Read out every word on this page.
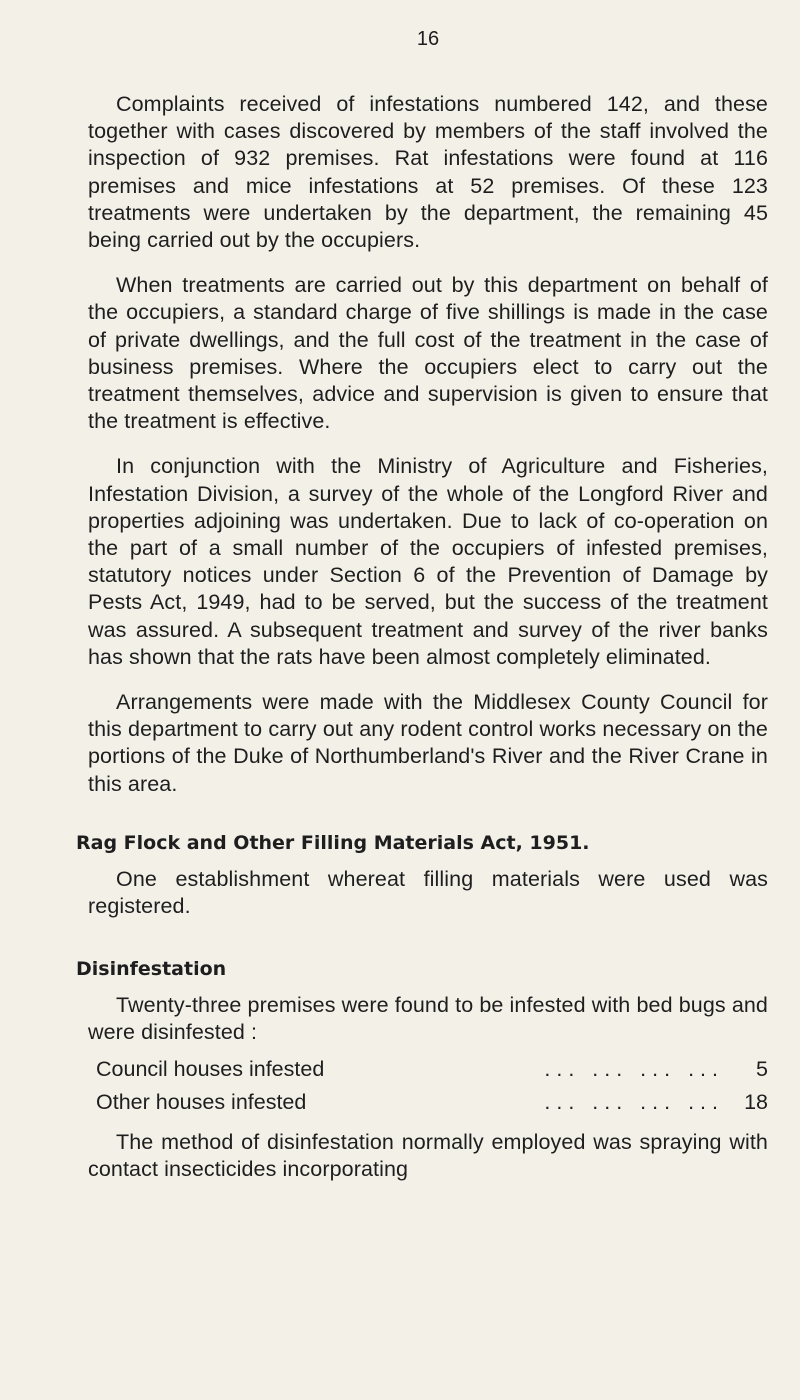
16

Complaints received of infestations numbered 142, and these together with cases discovered by members of the staff involved the inspection of 932 premises. Rat infestations were found at 116 premises and mice infestations at 52 premises. Of these 123 treatments were undertaken by the department, the remaining 45 being carried out by the occupiers.

When treatments are carried out by this department on behalf of the occupiers, a standard charge of five shillings is made in the case of private dwellings, and the full cost of the treatment in the case of business premises. Where the occupiers elect to carry out the treatment themselves, advice and supervision is given to ensure that the treatment is effective.

In conjunction with the Ministry of Agriculture and Fisheries, Infestation Division, a survey of the whole of the Longford River and properties adjoining was undertaken. Due to lack of co-operation on the part of a small number of the occupiers of infested premises, statutory notices under Section 6 of the Prevention of Damage by Pests Act, 1949, had to be served, but the success of the treatment was assured. A subsequent treatment and survey of the river banks has shown that the rats have been almost completely eliminated.

Arrangements were made with the Middlesex County Council for this department to carry out any rodent control works necessary on the portions of the Duke of Northumberland's River and the River Crane in this area.

Rag Flock and Other Filling Materials Act, 1951.

One establishment whereat filling materials were used was registered.

Disinfestation

Twenty-three premises were found to be infested with bed bugs and were disinfested :

Council houses infested	... ... ... ...	5
Other houses infested	... ... ... ... 18

The method of disinfestation normally employed was spraying with contact insecticides incorporating
